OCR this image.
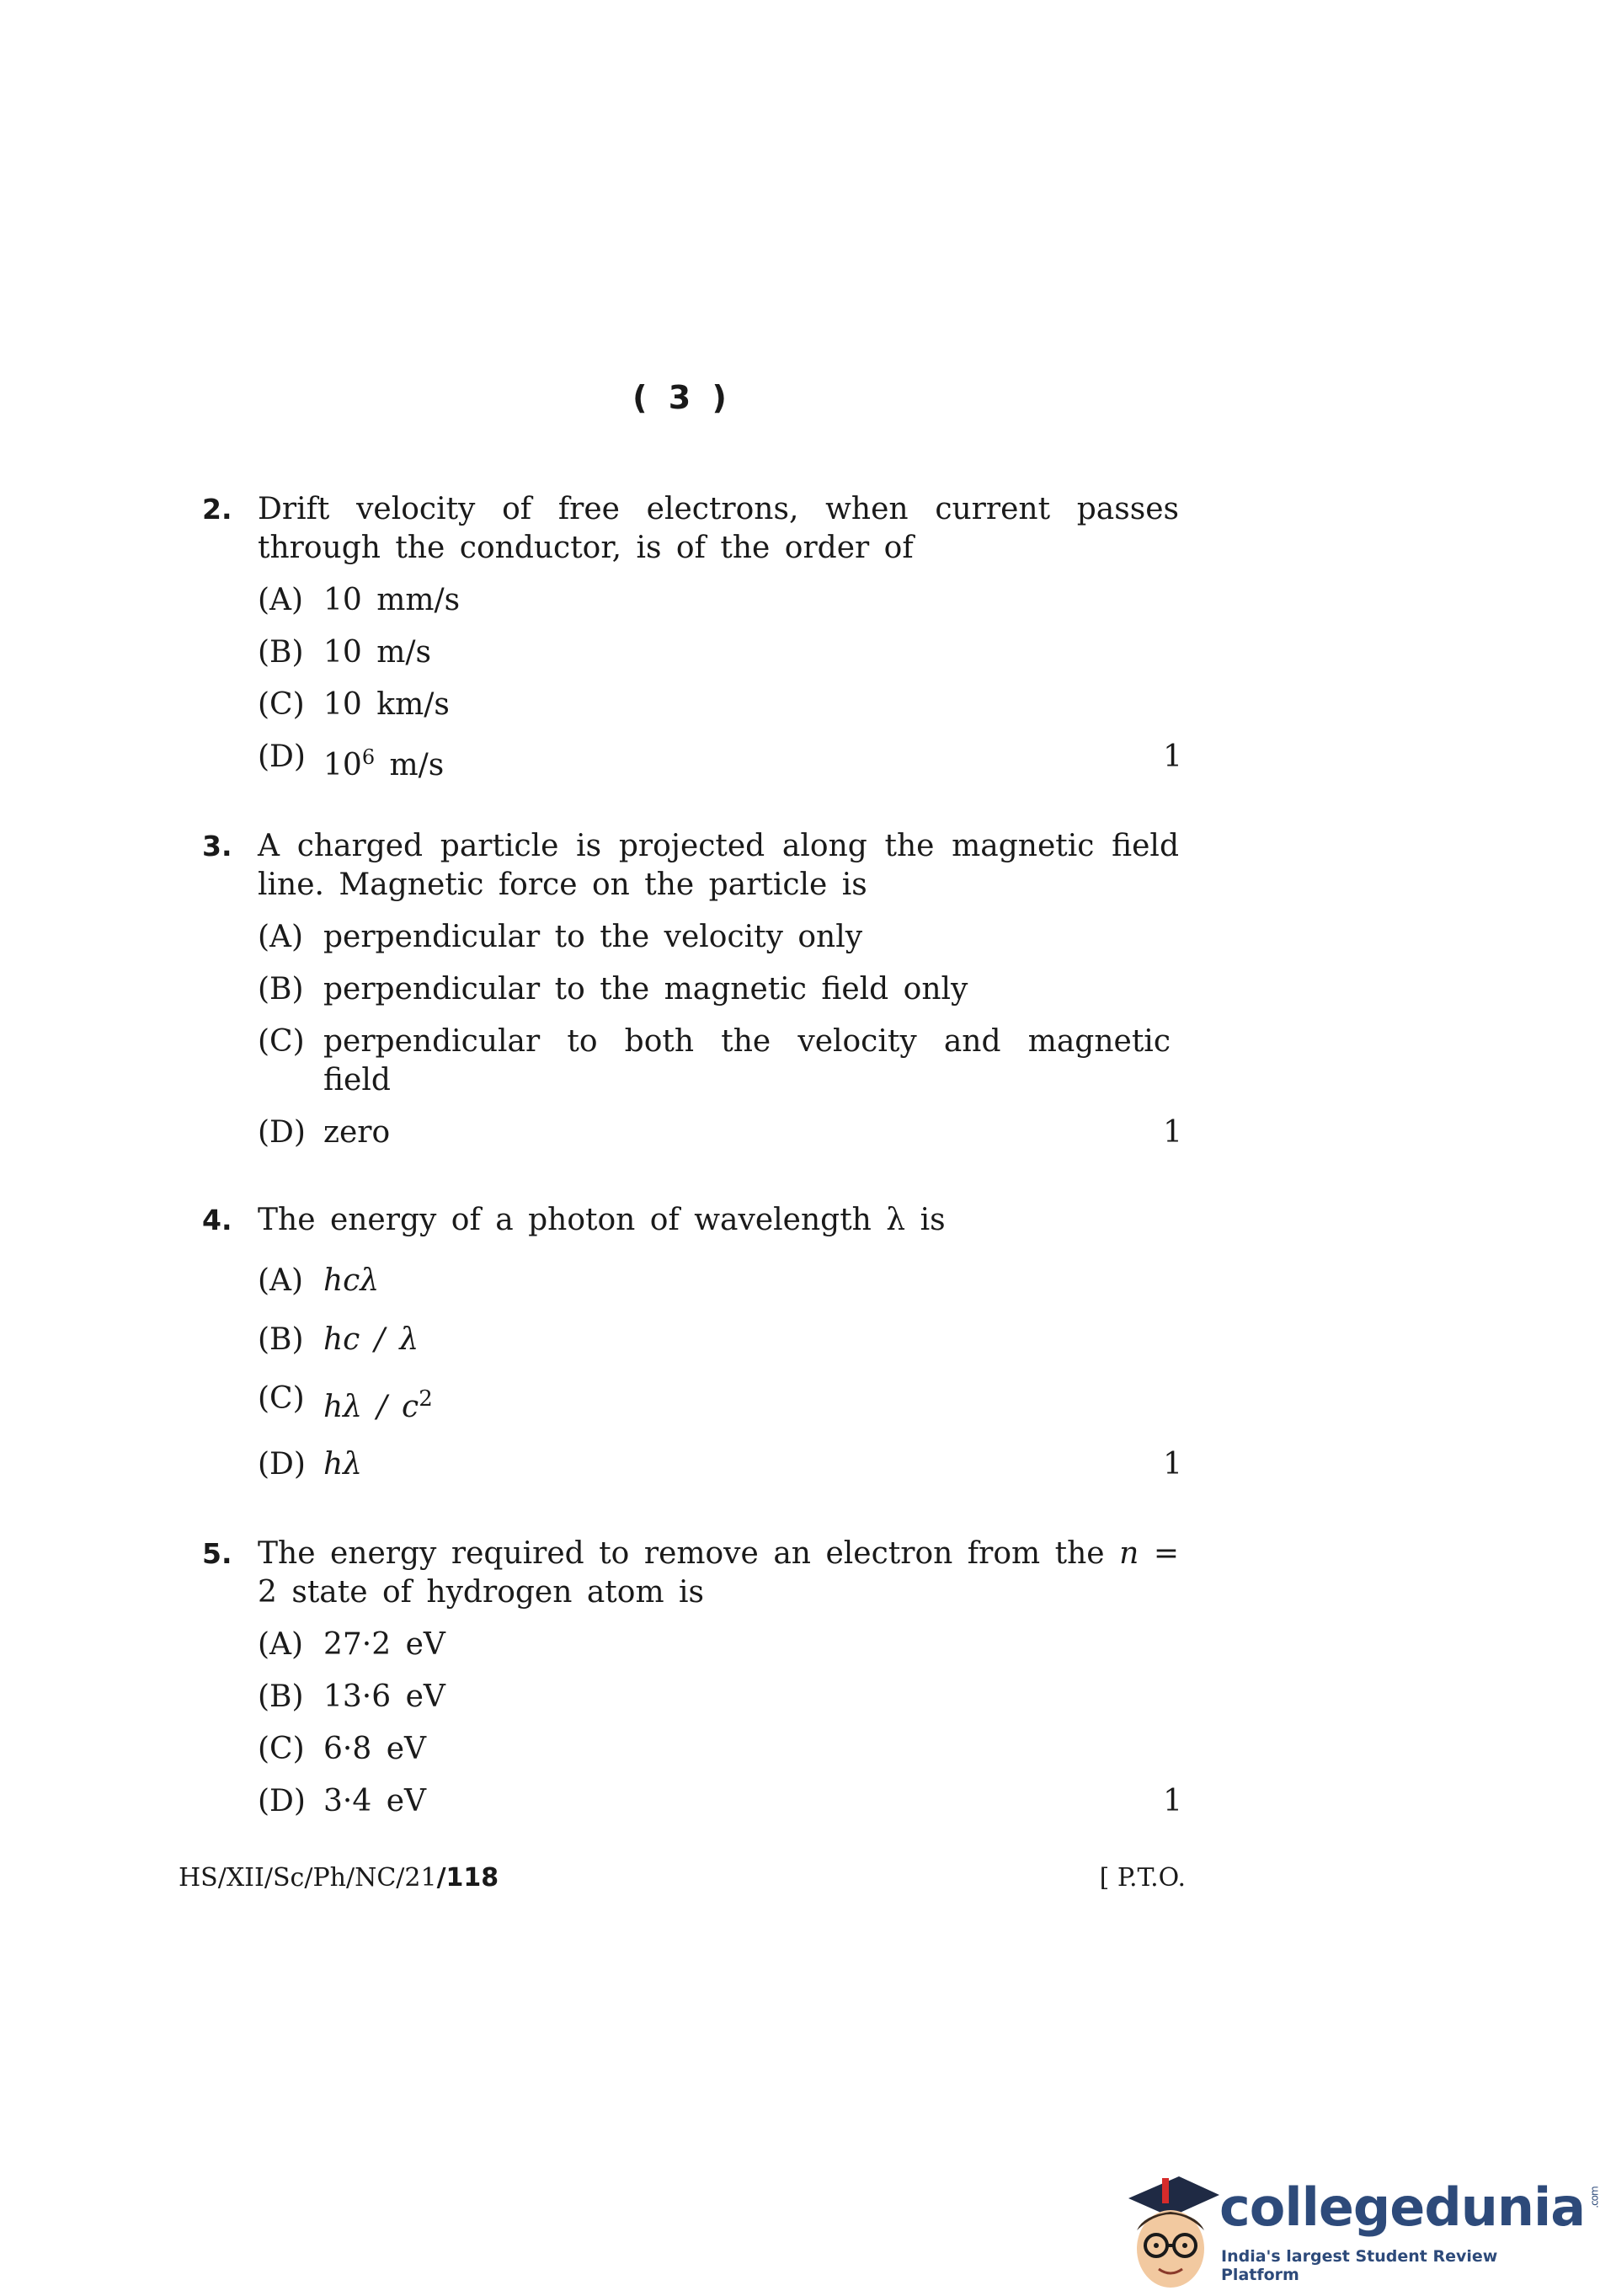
( 3 )
2. Drift velocity of free electrons, when current passes through the conductor, is of the order of
(A) 10 mm/s
(B) 10 m/s
(C) 10 km/s
(D) $10^6$ m/s	1
3. A charged particle is projected along the magnetic field line. Magnetic force on the particle is
(A) perpendicular to the velocity only
(B) perpendicular to the magnetic field only
(C) perpendicular to both the velocity and magnetic field
(D) zero	1
4. The energy of a photon of wavelength λ is
(A) hcλ
(B) hc / λ
(C) hλ / $c^2$
(D) hλ	1
5. The energy required to remove an electron from the n = 2 state of hydrogen atom is
(A) 27·2 eV
(B) 13·6 eV
(C) 6·8 eV
(D) 3·4 eV	1
HS/XII/Sc/Ph/NC/21/118	[ P.T.O.
collegedunia .com
India's largest Student Review Platform
